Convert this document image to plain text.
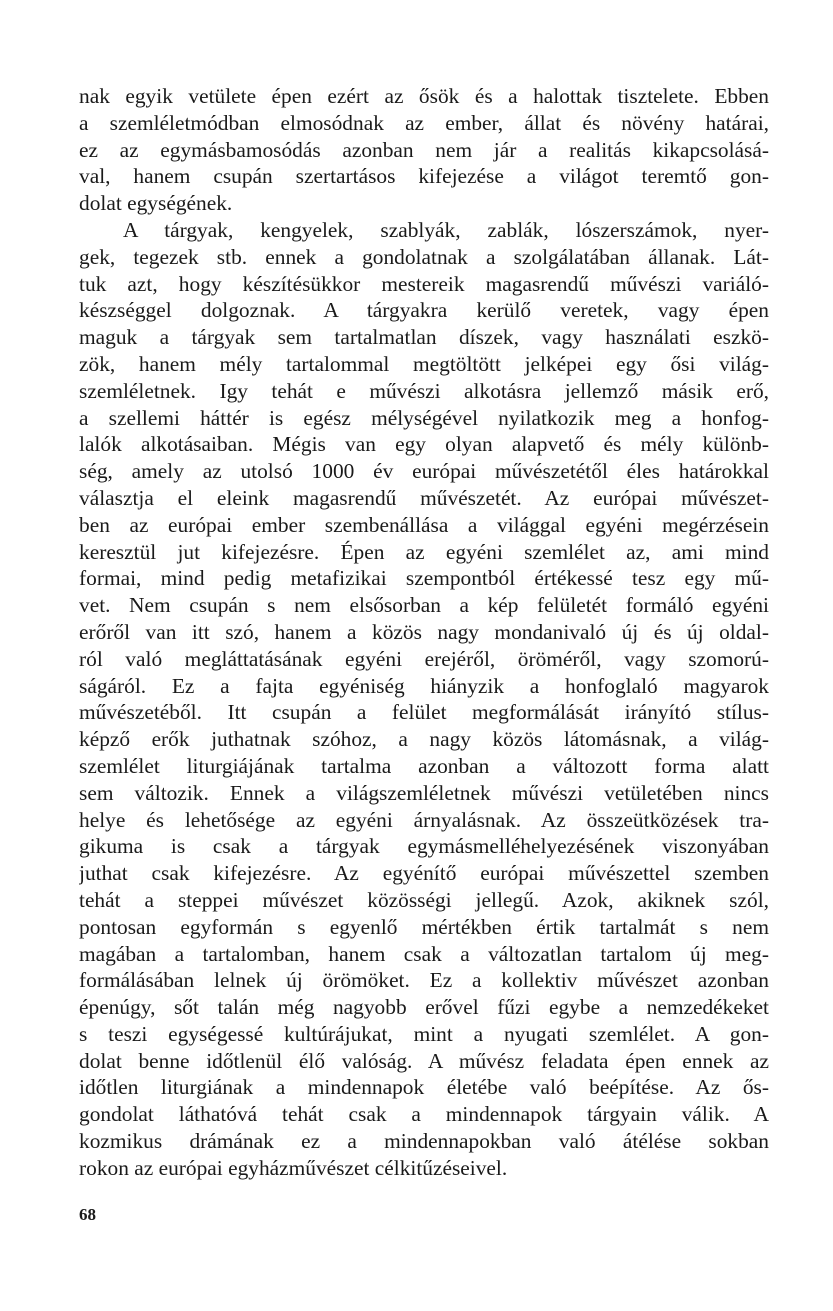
nak egyik vetülete épen ezért az ősök és a halottak tisztelete. Ebben
a szemléletmódban elmosódnak az ember, állat és növény határai,
ez az egymásbamosódás azonban nem jár a realitás kikapcsolásá-
val, hanem csupán szertartásos kifejezése a világot teremtő gon-
dolat egységének.
A tárgyak, kengyelek, szablyák, zablák, lószerszámok, nyer-
gek, tegezek stb. ennek a gondolatnak a szolgálatában állanak. Lát-
tuk azt, hogy készítésükkor mestereik magasrendű művészi variáló-
készséggel dolgoznak. A tárgyakra kerülő veretek, vagy épen
maguk a tárgyak sem tartalmatlan díszek, vagy használati eszkö-
zök, hanem mély tartalommal megtöltött jelképei egy ősi világ-
szemléletnek. Igy tehát e művészi alkotásra jellemző másik erő,
a szellemi háttér is egész mélységével nyilatkozik meg a honfog-
lalók alkotásaiban. Mégis van egy olyan alapvető és mély különb-
ség, amely az utolsó 1000 év európai művészetétől éles határokkal
választja el eleink magasrendű művészetét. Az európai művészet-
ben az európai ember szembenállása a világgal egyéni megérzésein
keresztül jut kifejezésre. Épen az egyéni szemlélet az, ami mind
formai, mind pedig metafizikai szempontból értékessé tesz egy mű-
vet. Nem csupán s nem elsősorban a kép felületét formáló egyéni
erőről van itt szó, hanem a közös nagy mondanivaló új és új oldal-
ról való megláttatásának egyéni erejéről, öröméről, vagy szomorú-
ságáról. Ez a fajta egyéniség hiányzik a honfoglaló magyarok
művészetéből. Itt csupán a felület megformálását irányító stílus-
képző erők juthatnak szóhoz, a nagy közös látomásnak, a világ-
szemlélet liturgiájának tartalma azonban a változott forma alatt
sem változik. Ennek a világszemléletnek művészi vetületében nincs
helye és lehetősége az egyéni árnyalásnak. Az összeütközések tra-
gikuma is csak a tárgyak egymásmelléhelyezésének viszonyában
juthat csak kifejezésre. Az egyénítő európai művészettel szemben
tehát a steppei művészet közösségi jellegű. Azok, akiknek szól,
pontosan egyformán s egyenlő mértékben értik tartalmát s nem
magában a tartalomban, hanem csak a változatlan tartalom új meg-
formálásában lelnek új örömöket. Ez a kollektiv művészet azonban
épenúgy, sőt talán még nagyobb erővel fűzi egybe a nemzedékeket
s teszi egységessé kultúrájukat, mint a nyugati szemlélet. A gon-
dolat benne időtlenül élő valóság. A művész feladata épen ennek az
időtlen liturgiának a mindennapok életébe való beépítése. Az ős-
gondolat láthatóvá tehát csak a mindennapok tárgyain válik. A
kozmikus drámának ez a mindennapokban való átélése sokban
rokon az európai egyházművészet célkitűzéseivel.
68
